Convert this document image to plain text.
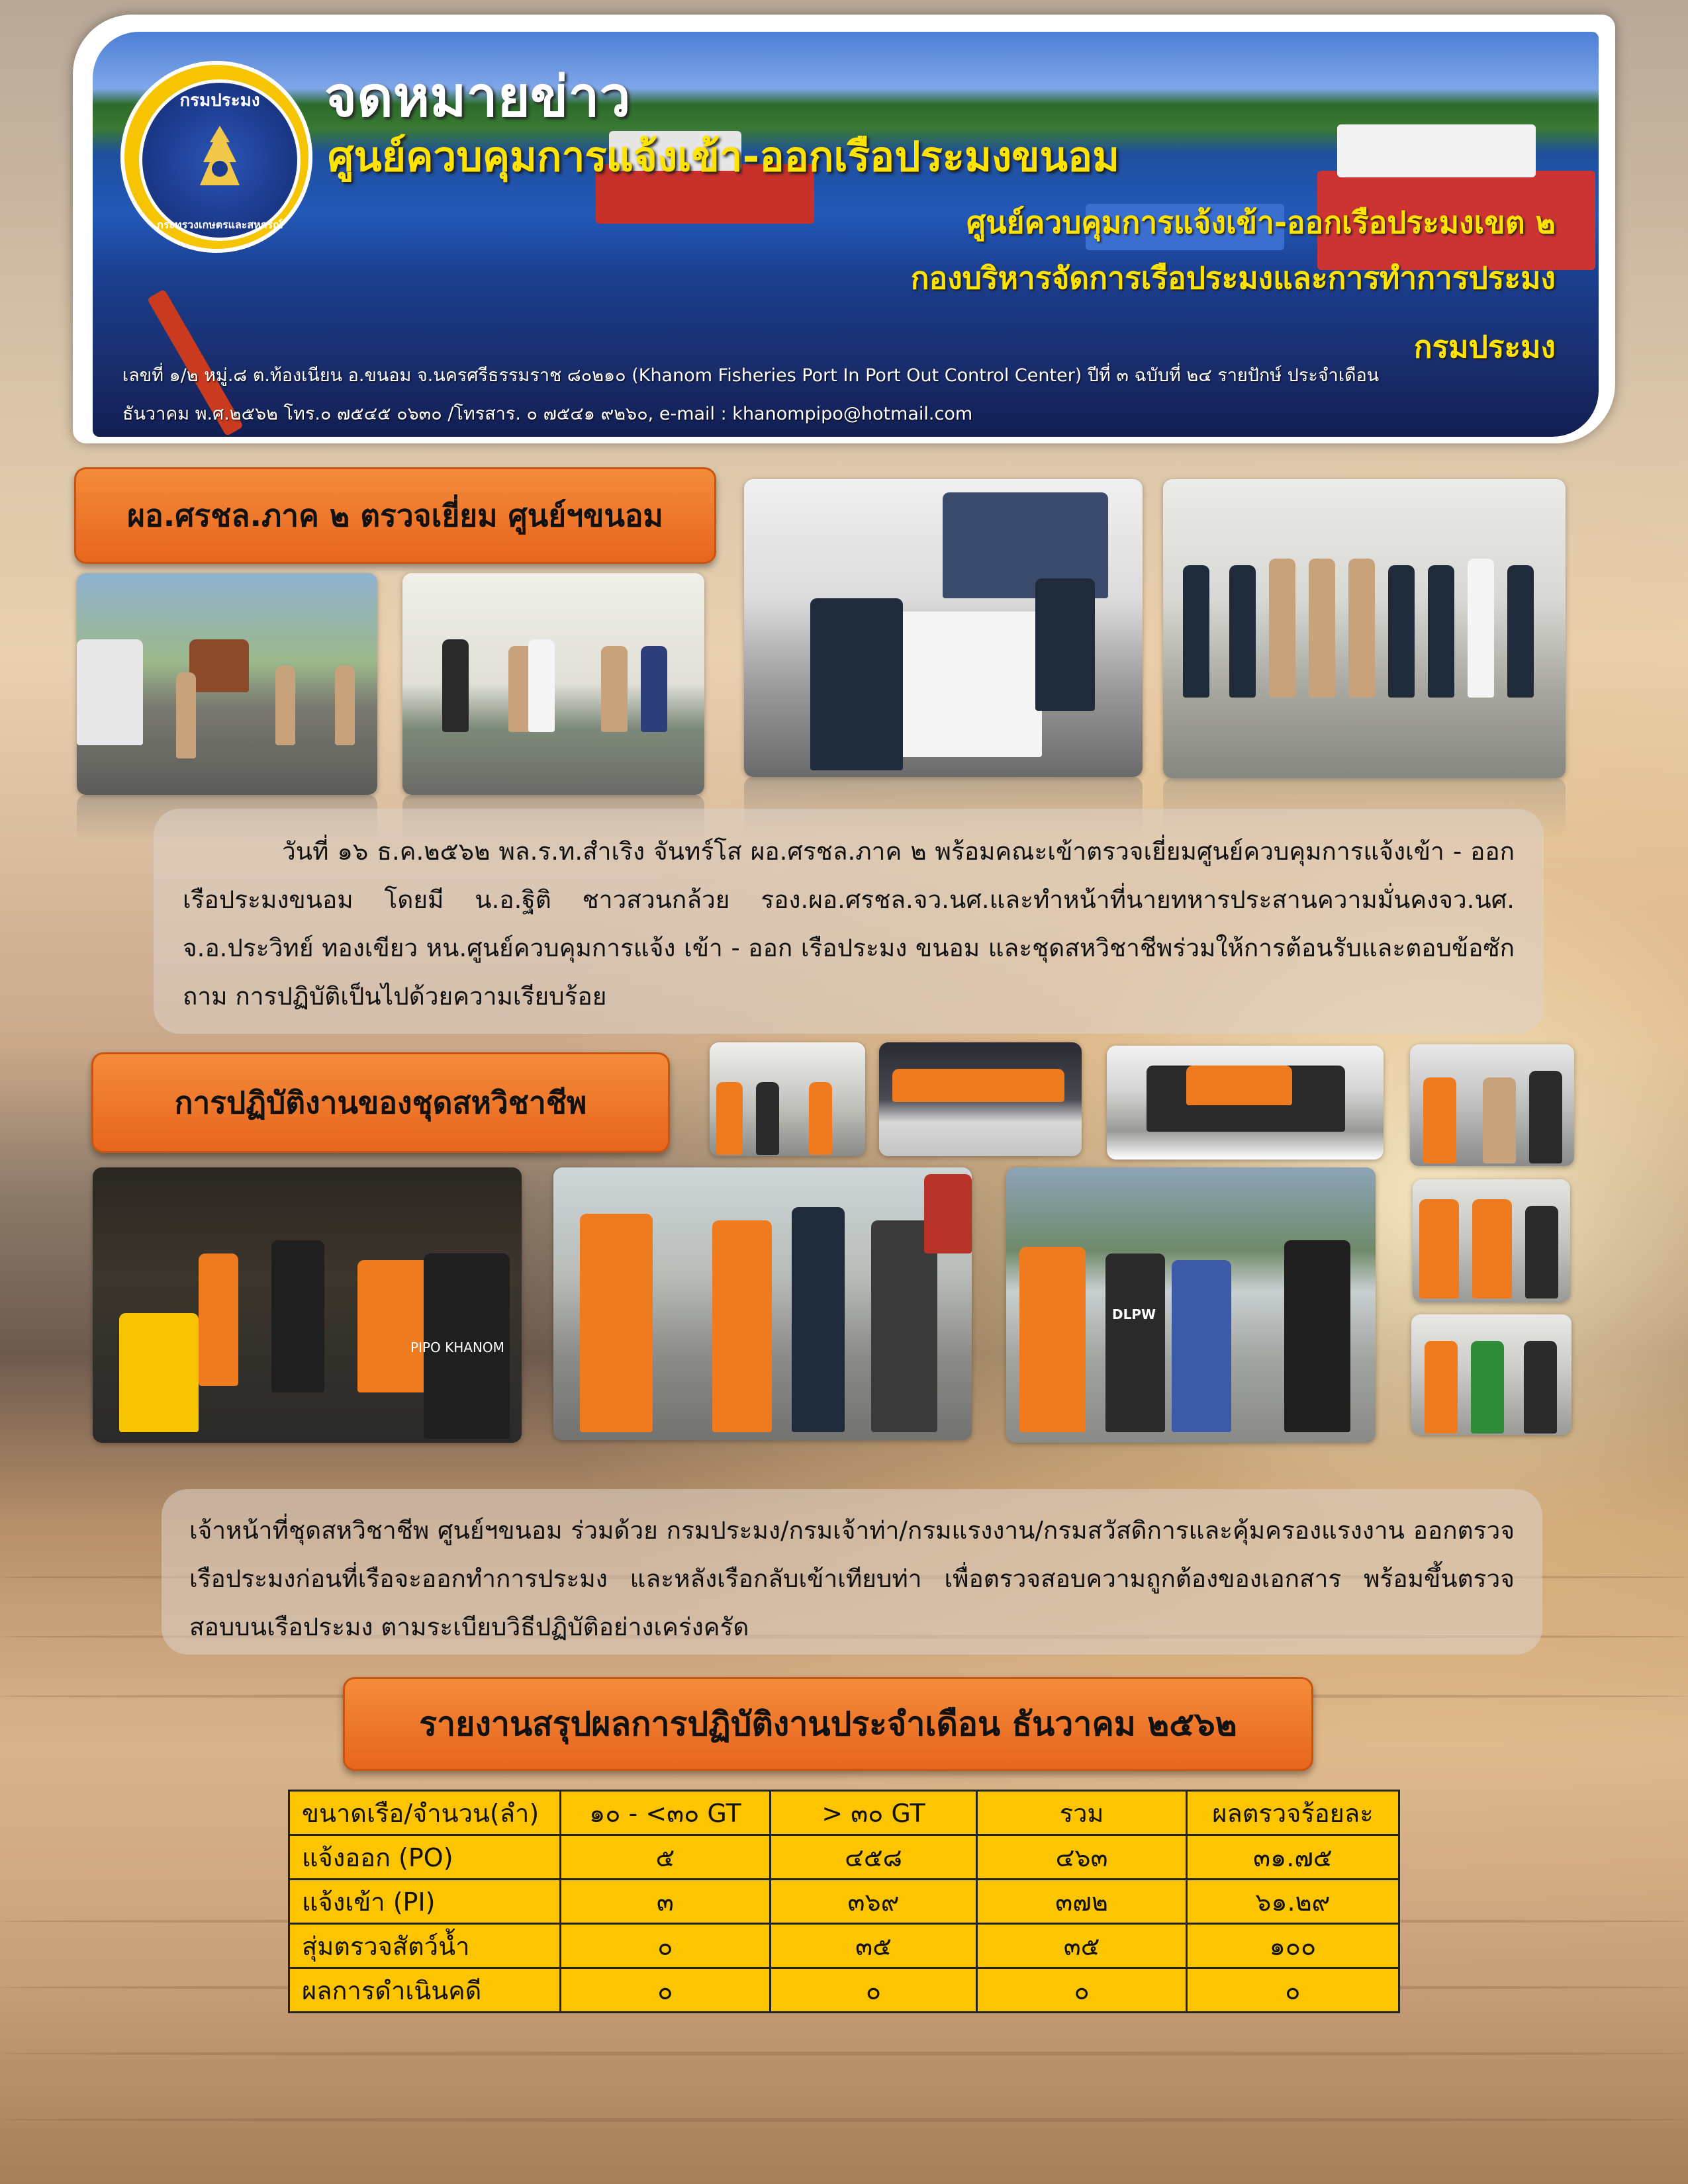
กรมประมง
กระทรวงเกษตรและสหกรณ์
จดหมายข่าว
ศูนย์ควบคุมการแจ้งเข้า-ออกเรือประมงขนอม
ศูนย์ควบคุมการแจ้งเข้า-ออกเรือประมงเขต ๒
กองบริหารจัดการเรือประมงและการทำการประมง
กรมประมง
เลขที่ ๑/๒ หมู่.๘ ต.ท้องเนียน อ.ขนอม จ.นครศรีธรรมราช ๘๐๒๑๐ (Khanom Fisheries Port In Port Out Control Center) ปีที่ ๓ ฉบับที่ ๒๔ รายปักษ์ ประจำเดือน
ธันวาคม พ.ศ.๒๕๖๒ โทร.๐ ๗๕๔๕ ๐๖๓๐ /โทรสาร. ๐ ๗๕๔๑ ๙๒๖๐, e-mail : khanompipo@hotmail.com
ผอ.ศรชล.ภาค ๒ ตรวจเยี่ยม ศูนย์ฯขนอม

วันที่ ๑๖ ธ.ค.๒๕๖๒ พล.ร.ท.สำเริง จันทร์โส ผอ.ศรชล.ภาค ๒ พร้อมคณะเข้าตรวจเยี่ยมศูนย์ควบคุมการแจ้งเข้า - ออก เรือประมงขนอม โดยมี น.อ.ฐิติ ชาวสวนกล้วย รอง.ผอ.ศรชล.จว.นศ.และทำหน้าที่นายทหารประสานความมั่นคงจว.นศ. จ.อ.ประวิทย์ ทองเขียว หน.ศูนย์ควบคุมการแจ้ง เข้า - ออก เรือประมง ขนอม และชุดสหวิชาชีพร่วมให้การต้อนรับและตอบข้อซักถาม การปฏิบัติเป็นไปด้วยความเรียบร้อย

การปฏิบัติงานของชุดสหวิชาชีพ
PIPO KHANOM
DLPW

เจ้าหน้าที่ชุดสหวิชาชีพ ศูนย์ฯขนอม ร่วมด้วย กรมประมง/กรมเจ้าท่า/กรมแรงงาน/กรมสวัสดิการและคุ้มครองแรงงาน ออกตรวจเรือประมงก่อนที่เรือจะออกทำการประมง และหลังเรือกลับเข้าเทียบท่า เพื่อตรวจสอบความถูกต้องของเอกสาร พร้อมขึ้นตรวจสอบบนเรือประมง ตามระเบียบวิธีปฏิบัติอย่างเคร่งครัด

รายงานสรุปผลการปฏิบัติงานประจำเดือน ธันวาคม ๒๕๖๒
ขนาดเรือ/จำนวน(ลำ)	๑๐ - <๓๐ GT	> ๓๐ GT	รวม	ผลตรวจร้อยละ
แจ้งออก (PO)	๕	๔๕๘	๔๖๓	๓๑.๗๕
แจ้งเข้า (PI)	๓	๓๖๙	๓๗๒	๖๑.๒๙
สุ่มตรวจสัตว์น้ำ	๐	๓๕	๓๕	๑๐๐
ผลการดำเนินคดี	๐	๐	๐	๐
